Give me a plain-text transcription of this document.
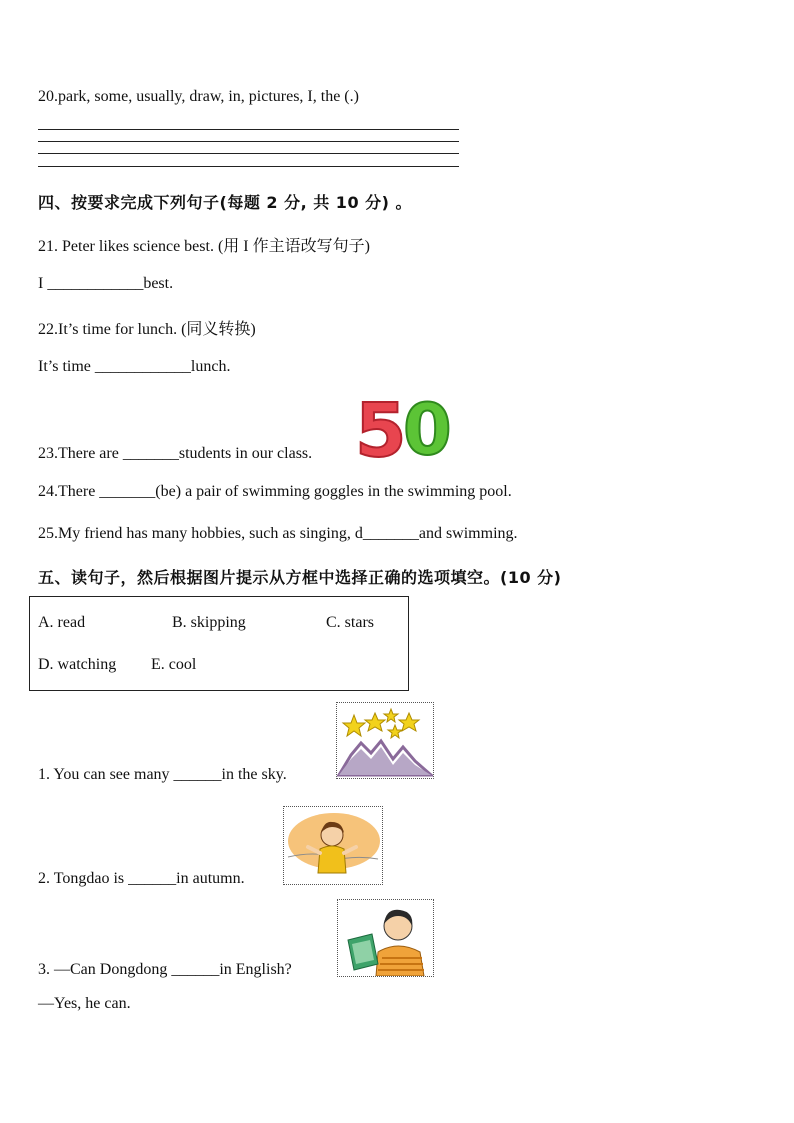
20.park, some, usually, draw, in, pictures, I, the (.)
四、按要求完成下列句子(每题 2 分, 共 10 分) 。
21. Peter likes science best. (用 I 作主语改写句子)
I ____________best.
22.It’s time for lunch. (同义转换)
It’s time ____________lunch.
23.There are _______students in our class. 5
0
24.There _______(be) a pair of swimming goggles in the swimming pool.
25.My friend has many hobbies, such as singing, d_______and swimming.
五、读句子，然后根据图片提示从方框中选择正确的选项填空。(10 分)
A. read	B. skipping	C. stars
D. watching E. cool
1. You can see many ______in the sky.
2. Tongdao is ______in autumn.
3. —Can Dongdong ______in English?
—Yes, he can.
